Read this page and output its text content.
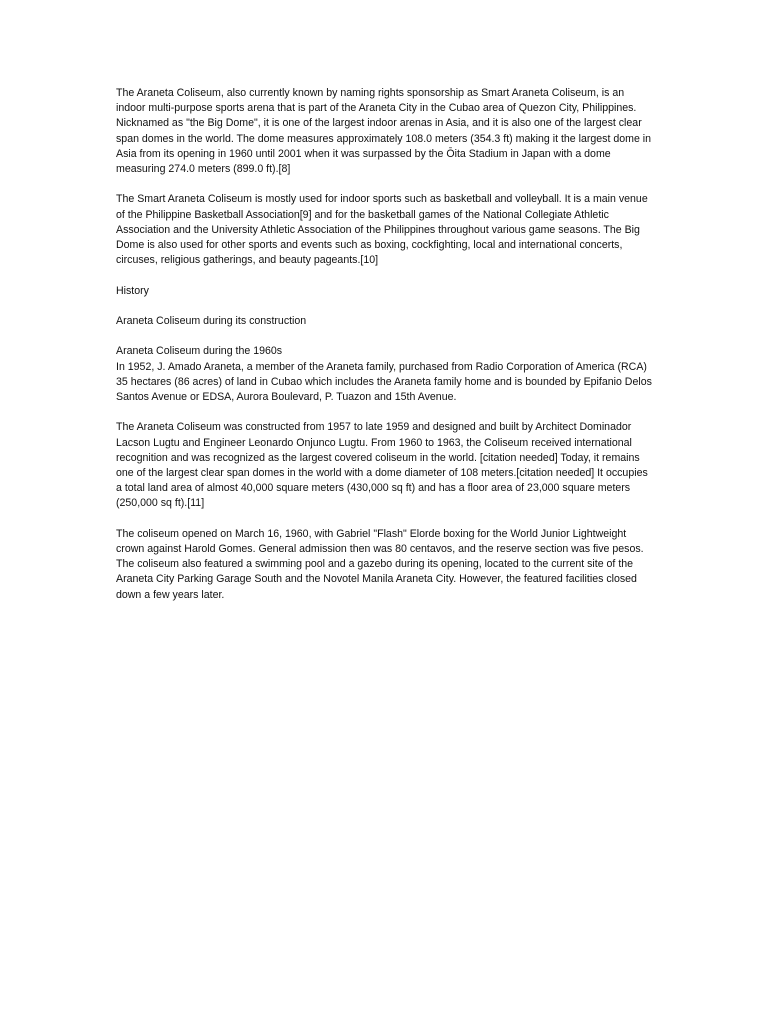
The Araneta Coliseum, also currently known by naming rights sponsorship as Smart Araneta Coliseum, is an indoor multi-purpose sports arena that is part of the Araneta City in the Cubao area of Quezon City, Philippines. Nicknamed as "the Big Dome", it is one of the largest indoor arenas in Asia, and it is also one of the largest clear span domes in the world. The dome measures approximately 108.0 meters (354.3 ft) making it the largest dome in Asia from its opening in 1960 until 2001 when it was surpassed by the Ōita Stadium in Japan with a dome measuring 274.0 meters (899.0 ft).[8]

The Smart Araneta Coliseum is mostly used for indoor sports such as basketball and volleyball. It is a main venue of the Philippine Basketball Association[9] and for the basketball games of the National Collegiate Athletic Association and the University Athletic Association of the Philippines throughout various game seasons. The Big Dome is also used for other sports and events such as boxing, cockfighting, local and international concerts, circuses, religious gatherings, and beauty pageants.[10]

History

Araneta Coliseum during its construction

Araneta Coliseum during the 1960s

In 1952, J. Amado Araneta, a member of the Araneta family, purchased from Radio Corporation of America (RCA) 35 hectares (86 acres) of land in Cubao which includes the Araneta family home and is bounded by Epifanio Delos Santos Avenue or EDSA, Aurora Boulevard, P. Tuazon and 15th Avenue.

The Araneta Coliseum was constructed from 1957 to late 1959 and designed and built by Architect Dominador Lacson Lugtu and Engineer Leonardo Onjunco Lugtu. From 1960 to 1963, the Coliseum received international recognition and was recognized as the largest covered coliseum in the world. [citation needed] Today, it remains one of the largest clear span domes in the world with a dome diameter of 108 meters.[citation needed] It occupies a total land area of almost 40,000 square meters (430,000 sq ft) and has a floor area of 23,000 square meters (250,000 sq ft).[11]

The coliseum opened on March 16, 1960, with Gabriel "Flash" Elorde boxing for the World Junior Lightweight crown against Harold Gomes. General admission then was 80 centavos, and the reserve section was five pesos. The coliseum also featured a swimming pool and a gazebo during its opening, located to the current site of the Araneta City Parking Garage South and the Novotel Manila Araneta City. However, the featured facilities closed down a few years later.
